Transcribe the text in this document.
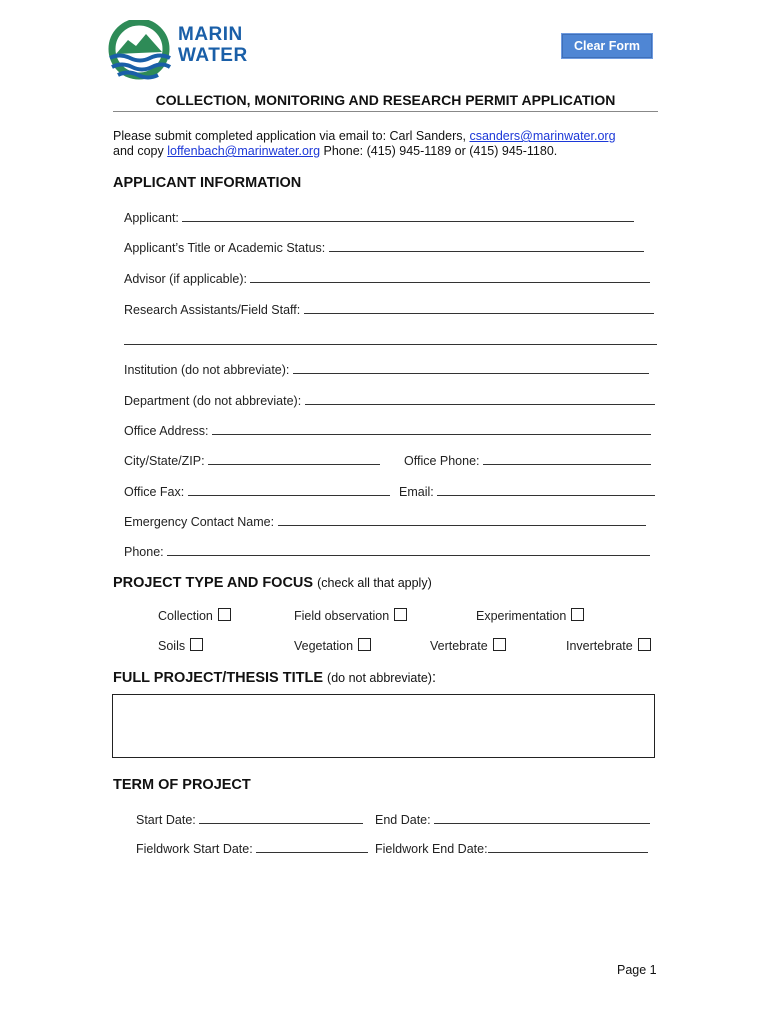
MARIN
WATER	Clear Form
COLLECTION, MONITORING AND RESEARCH PERMIT APPLICATION
Please submit completed application via email to: Carl Sanders, csanders@marinwater.org
and copy loffenbach@marinwater.org Phone: (415) 945-1189 or (415) 945-1180.
APPLICANT INFORMATION
Applicant:
Applicant’s Title or Academic Status:
Advisor (if applicable):
Research Assistants/Field Staff:
Institution (do not abbreviate):
Department (do not abbreviate):
Office Address:
City/State/ZIP:	Office Phone:
Office Fax:	Email:
Emergency Contact Name:
Phone:
PROJECT TYPE AND FOCUS (check all that apply)
Collection	Field observation	Experimentation
Soils	Vegetation	Vertebrate	Invertebrate
FULL PROJECT/THESIS TITLE (do not abbreviate):
TERM OF PROJECT
Start Date:	End Date:
Fieldwork Start Date:	Fieldwork End Date:
Page 1
